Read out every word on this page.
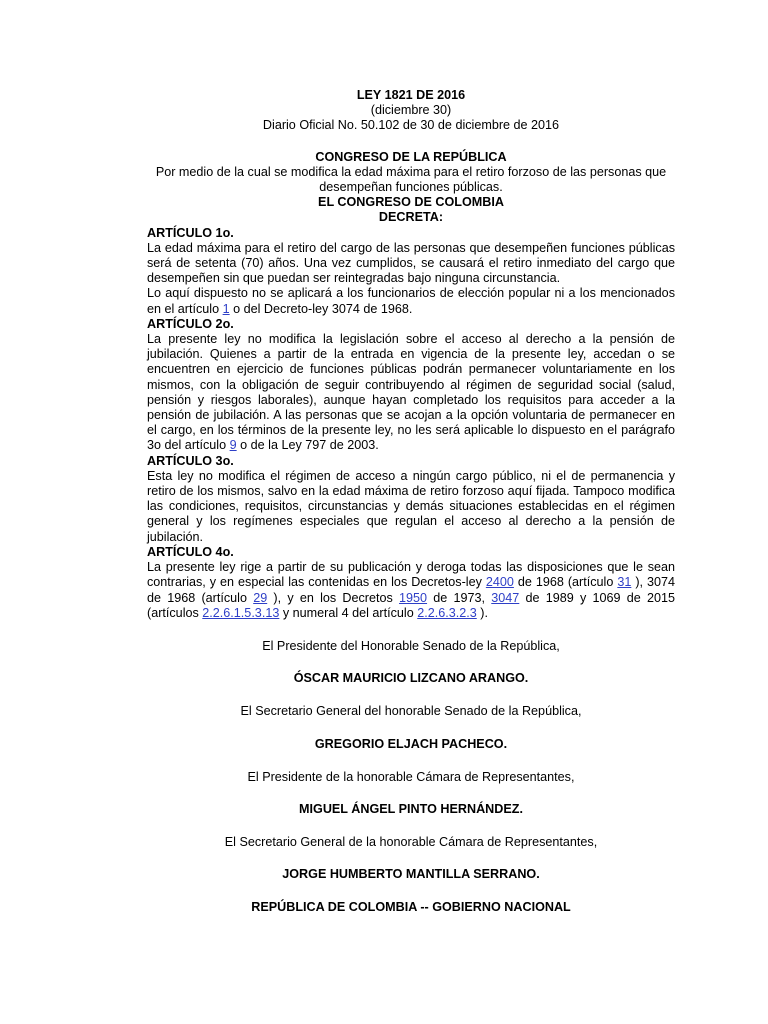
LEY 1821 DE 2016

(diciembre 30)

Diario Oficial No. 50.102 de 30 de diciembre de 2016

CONGRESO DE LA REPÚBLICA

Por medio de la cual se modifica la edad máxima para el retiro forzoso de las personas que desempeñan funciones públicas.

EL CONGRESO DE COLOMBIA

DECRETA:

ARTÍCULO 1o.

La edad máxima para el retiro del cargo de las personas que desempeñen funciones públicas será de setenta (70) años. Una vez cumplidos, se causará el retiro inmediato del cargo que desempeñen sin que puedan ser reintegradas bajo ninguna circunstancia.

Lo aquí dispuesto no se aplicará a los funcionarios de elección popular ni a los mencionados en el artículo 1 o del Decreto-ley 3074 de 1968.

ARTÍCULO 2o.

La presente ley no modifica la legislación sobre el acceso al derecho a la pensión de jubilación. Quienes a partir de la entrada en vigencia de la presente ley, accedan o se encuentren en ejercicio de funciones públicas podrán permanecer voluntariamente en los mismos, con la obligación de seguir contribuyendo al régimen de seguridad social (salud, pensión y riesgos laborales), aunque hayan completado los requisitos para acceder a la pensión de jubilación. A las personas que se acojan a la opción voluntaria de permanecer en el cargo, en los términos de la presente ley, no les será aplicable lo dispuesto en el parágrafo 3o del artículo 9 o de la Ley 797 de 2003.

ARTÍCULO 3o.

Esta ley no modifica el régimen de acceso a ningún cargo público, ni el de permanencia y retiro de los mismos, salvo en la edad máxima de retiro forzoso aquí fijada. Tampoco modifica las condiciones, requisitos, circunstancias y demás situaciones establecidas en el régimen general y los regímenes especiales que regulan el acceso al derecho a la pensión de jubilación.

ARTÍCULO 4o.

La presente ley rige a partir de su publicación y deroga todas las disposiciones que le sean contrarias, y en especial las contenidas en los Decretos-ley 2400 de 1968 (artículo 31 ), 3074 de 1968 (artículo 29 ), y en los Decretos 1950 de 1973, 3047 de 1989 y 1069 de 2015 (artículos 2.2.6.1.5.3.13 y numeral 4 del artículo 2.2.6.3.2.3 ).

El Presidente del Honorable Senado de la República,

ÓSCAR MAURICIO LIZCANO ARANGO.

El Secretario General del honorable Senado de la República,

GREGORIO ELJACH PACHECO.

El Presidente de la honorable Cámara de Representantes,

MIGUEL ÁNGEL PINTO HERNÁNDEZ.

El Secretario General de la honorable Cámara de Representantes,

JORGE HUMBERTO MANTILLA SERRANO.

REPÚBLICA DE COLOMBIA -- GOBIERNO NACIONAL
